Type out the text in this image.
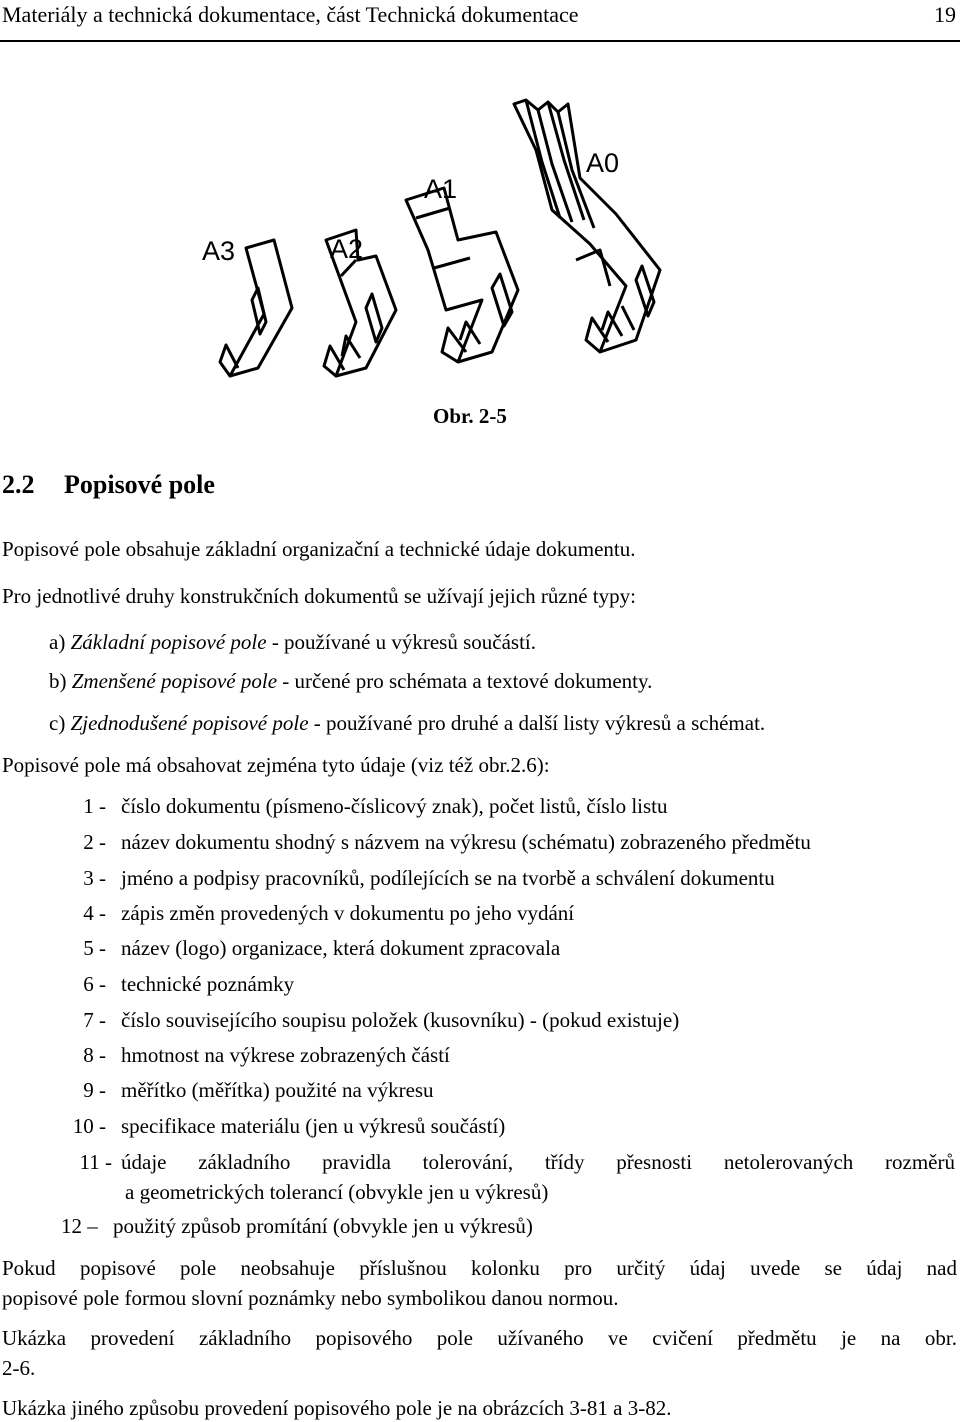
Materiály a technická dokumentace, část Technická dokumentace	19
A3	A2
A1
A0
Obr. 2-5
2.2 Popisové pole
Popisové pole obsahuje základní organizační a technické údaje dokumentu.
Pro jednotlivé druhy konstrukčních dokumentů se užívají jejich různé typy:
a) Základní popisové pole - používané u výkresů součástí.
b) Zmenšené popisové pole - určené pro schémata a textové dokumenty.
c) Zjednodušené popisové pole - používané pro druhé a další listy výkresů a schémat.
Popisové pole má obsahovat zejména tyto údaje (viz též obr.2.6):
1 - číslo dokumentu (písmeno-číslicový znak), počet listů, číslo listu
2 - název dokumentu shodný s názvem na výkresu (schématu) zobrazeného předmětu
3 - jméno a podpisy pracovníků, podílejících se na tvorbě a schválení dokumentu
4 - zápis změn provedených v dokumentu po jeho vydání
5 - název (logo) organizace, která dokument zpracovala
6 - technické poznámky
7 - číslo souvisejícího soupisu položek (kusovníku) - (pokud existuje)
8 - hmotnost na výkrese zobrazených částí
9 - měřítko (měřítka) použité na výkresu
10 - specifikace materiálu (jen u výkresů součástí)
11 - údaje základního pravidla tolerování, třídy přesnosti netolerovaných rozměrů
a geometrických tolerancí (obvykle jen u výkresů)
12 – použitý způsob promítání (obvykle jen u výkresů)
Pokud popisové pole neobsahuje příslušnou kolonku pro určitý údaj uvede se údaj nad
popisové pole formou slovní poznámky nebo symbolikou danou normou.
Ukázka provedení základního popisového pole užívaného ve cvičení předmětu je na obr.
2-6.
Ukázka jiného způsobu provedení popisového pole je na obrázcích 3-81 a 3-82.
